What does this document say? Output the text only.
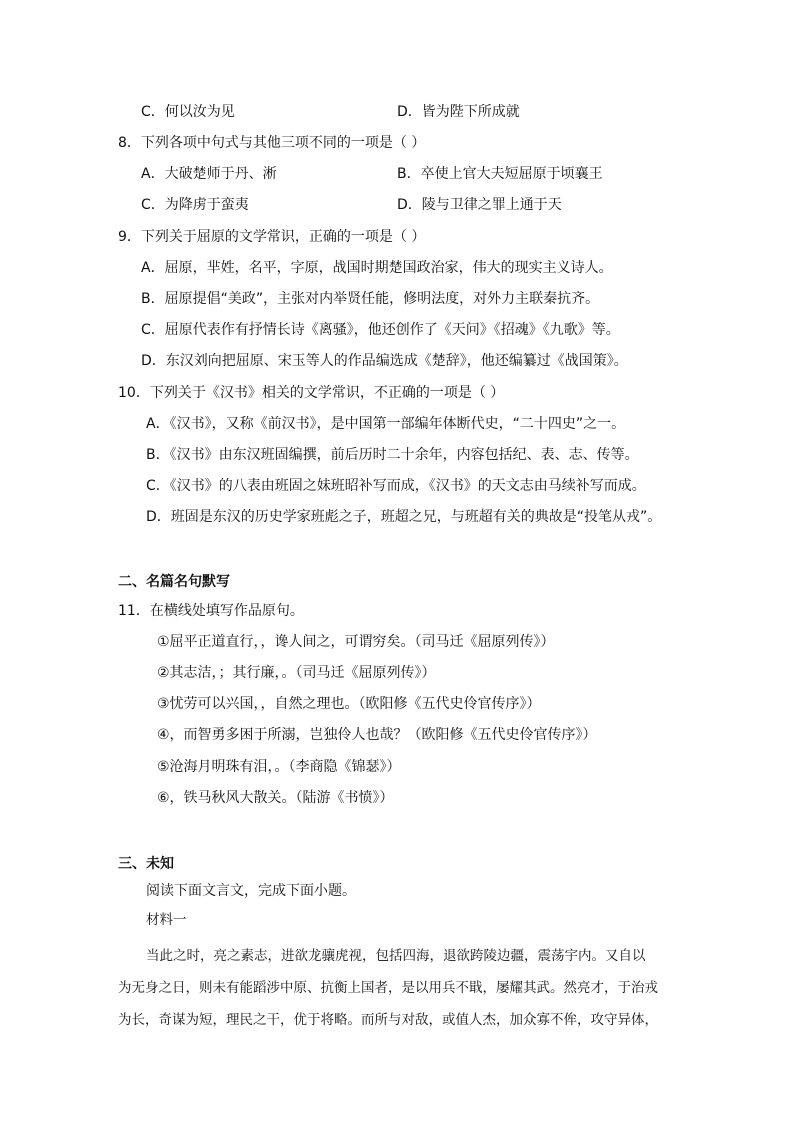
C．何以汝为见	D．皆为陛下所成就
8．下列各项中句式与其他三项不同的一项是（ ）
A．大破楚师于丹、淅	B．卒使上官大夫短屈原于顷襄王
C．为降虏于蛮夷	D．陵与卫律之罪上通于天
9．下列关于屈原的文学常识，正确的一项是（ ）
A．屈原，芈姓，名平，字原，战国时期楚国政治家，伟大的现实主义诗人。
B．屈原提倡“美政”，主张对内举贤任能，修明法度，对外力主联秦抗齐。
C．屈原代表作有抒情长诗《离骚》，他还创作了《天问》《招魂》《九歌》等。
D．东汉刘向把屈原、宋玉等人的作品编选成《楚辞》，他还编纂过《战国策》。
10．下列关于《汉书》相关的文学常识，不正确的一项是（ ）
A．《汉书》，又称《前汉书》，是中国第一部编年体断代史，“二十四史”之一。
B．《汉书》由东汉班固编撰，前后历时二十余年，内容包括纪、表、志、传等。
C．《汉书》的八表由班固之妹班昭补写而成，《汉书》的天文志由马续补写而成。
D．班固是东汉的历史学家班彪之子，班超之兄，与班超有关的典故是“投笔从戎”。
二、名篇名句默写
11．在横线处填写作品原句。
①屈平正道直行，，谗人间之，可谓穷矣。（司马迁《屈原列传》）
②其志洁，；其行廉，。（司马迁《屈原列传》）
③忧劳可以兴国，，自然之理也。（欧阳修《五代史伶官传序》）
④，而智勇多困于所溺，岂独伶人也哉？（欧阳修《五代史伶官传序》）
⑤沧海月明珠有泪，。（李商隐《锦瑟》）
⑥，铁马秋风大散关。（陆游《书愤》）
三、未知
阅读下面文言文，完成下面小题。
材料一
当此之时，亮之素志，进欲龙骧虎视，包括四海，退欲跨陵边疆，震荡宇内。又自以
为无身之日，则未有能蹈涉中原、抗衡上国者，是以用兵不戢，屡耀其武。然亮才，于治戎
为长，奇谋为短，理民之干，优于将略。而所与对敌，或值人杰，加众寡不侔，攻守异体，
